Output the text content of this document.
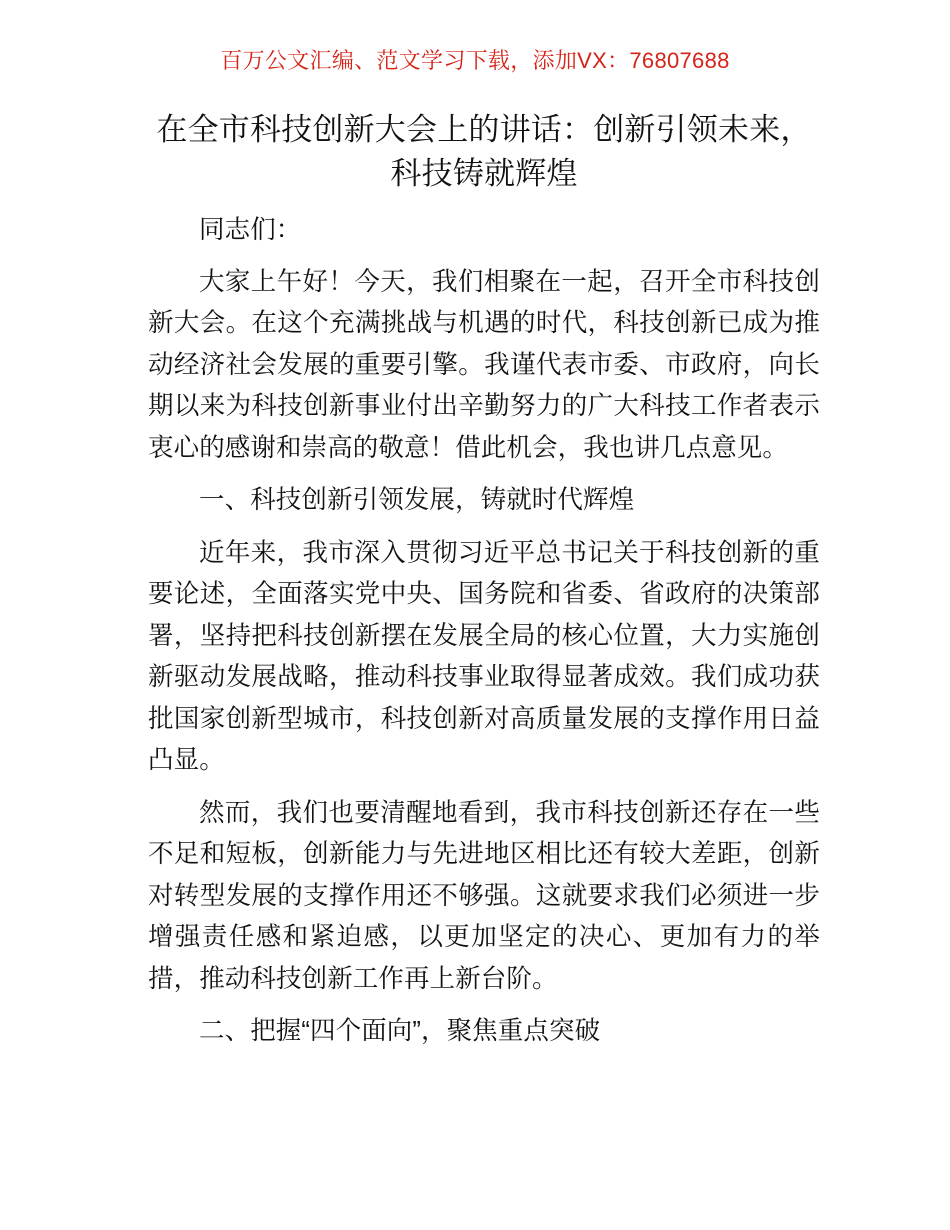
百万公文汇编、范文学习下载，添加VX：76807688
在全市科技创新大会上的讲话：创新引领未来，科技铸就辉煌

同志们：

大家上午好！今天，我们相聚在一起，召开全市科技创新大会。在这个充满挑战与机遇的时代，科技创新已成为推动经济社会发展的重要引擎。我谨代表市委、市政府，向长期以来为科技创新事业付出辛勤努力的广大科技工作者表示衷心的感谢和崇高的敬意！借此机会，我也讲几点意见。

一、科技创新引领发展，铸就时代辉煌

近年来，我市深入贯彻习近平总书记关于科技创新的重要论述，全面落实党中央、国务院和省委、省政府的决策部署，坚持把科技创新摆在发展全局的核心位置，大力实施创新驱动发展战略，推动科技事业取得显著成效。我们成功获批国家创新型城市，科技创新对高质量发展的支撑作用日益凸显。

然而，我们也要清醒地看到，我市科技创新还存在一些不足和短板，创新能力与先进地区相比还有较大差距，创新对转型发展的支撑作用还不够强。这就要求我们必须进一步增强责任感和紧迫感，以更加坚定的决心、更加有力的举措，推动科技创新工作再上新台阶。

二、把握“四个面向”，聚焦重点突破
